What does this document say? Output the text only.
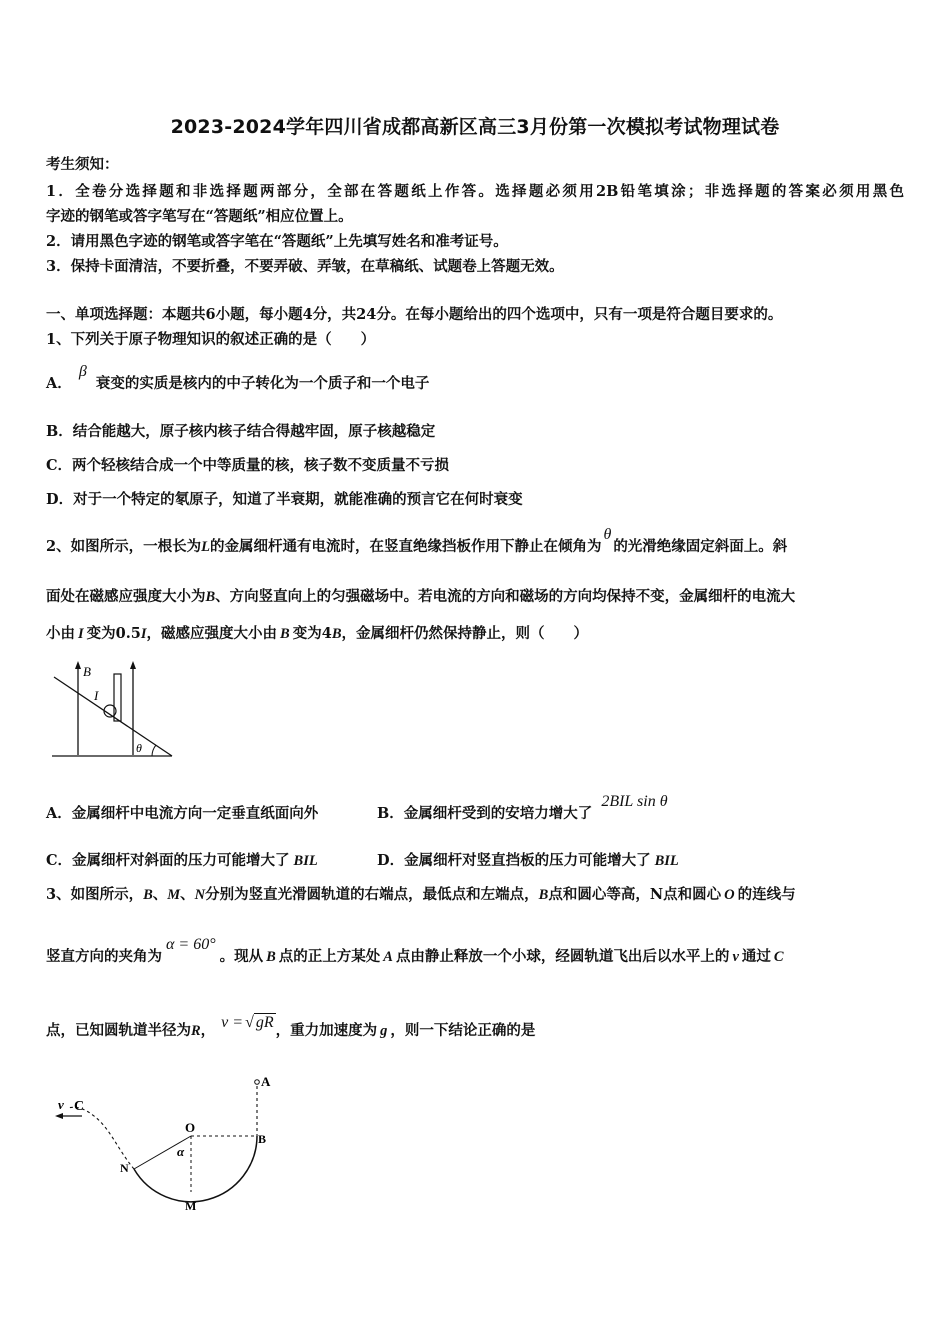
2023-2024学年四川省成都高新区高三3月份第一次模拟考试物理试卷
考生须知：
1．全卷分选择题和非选择题两部分，全部在答题纸上作答。选择题必须用2B铅笔填涂；非选择题的答案必须用黑色
字迹的钢笔或答字笔写在“答题纸”相应位置上。
2．请用黑色字迹的钢笔或答字笔在“答题纸”上先填写姓名和准考证号。
3．保持卡面清洁，不要折叠，不要弄破、弄皱，在草稿纸、试题卷上答题无效。
一、单项选择题：本题共6小题，每小题4分，共24分。在每小题给出的四个选项中，只有一项是符合题目要求的。
1、下列关于原子物理知识的叙述正确的是（　　）
A． β 衰变的实质是核内的中子转化为一个质子和一个电子
B．结合能越大，原子核内核子结合得越牢固，原子核越稳定
C．两个轻核结合成一个中等质量的核，核子数不变质量不亏损
D．对于一个特定的氡原子，知道了半衰期，就能准确的预言它在何时衰变
2、如图所示，一根长为L的金属细杆通有电流时，在竖直绝缘挡板作用下静止在倾角为θ的光滑绝缘固定斜面上。斜
面处在磁感应强度大小为B、方向竖直向上的匀强磁场中。若电流的方向和磁场的方向均保持不变，金属细杆的电流大
小由 I 变为0.5I，磁感应强度大小由 B 变为4B，金属细杆仍然保持静止，则（　　）
B
I
θ
A．金属细杆中电流方向一定垂直纸面向外	B．金属细杆受到的安培力增大了 2BIL sin θ
C．金属细杆对斜面的压力可能增大了 BIL	D．金属细杆对竖直挡板的压力可能增大了 BIL
3、如图所示，B、M、N分别为竖直光滑圆轨道的右端点，最低点和左端点，B点和圆心等高，N点和圆心 O 的连线与
竖直方向的夹角为α = 60°。现从 B 点的正上方某处 A 点由静止释放一个小球，经圆轨道飞出后以水平上的 v 通过 C
点，已知圆轨道半径为R， v = √ gR ，重力加速度为 g ，则一下结论正确的是
v C
A
O
B
N
M
α
